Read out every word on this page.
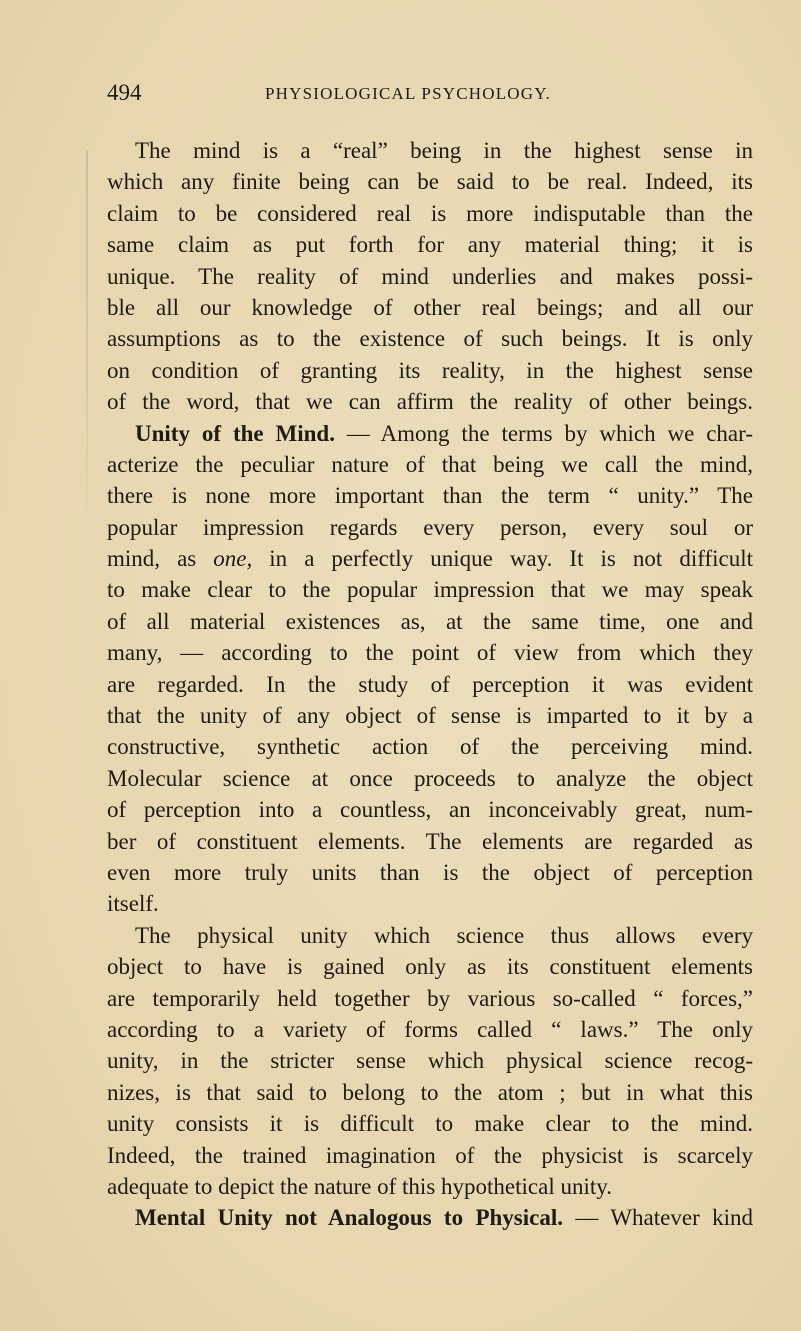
494	PHYSIOLOGICAL PSYCHOLOGY.
The mind is a “real” being in the highest sense in
which any finite being can be said to be real. Indeed, its
claim to be considered real is more indisputable than the
same claim as put forth for any material thing; it is
unique. The reality of mind underlies and makes possi-
ble all our knowledge of other real beings; and all our
assumptions as to the existence of such beings. It is only
on condition of granting its reality, in the highest sense
of the word, that we can affirm the reality of other beings.
Unity of the Mind. — Among the terms by which we char-
acterize the peculiar nature of that being we call the mind,
there is none more important than the term “ unity.” The
popular impression regards every person, every soul or
mind, as one, in a perfectly unique way. It is not difficult
to make clear to the popular impression that we may speak
of all material existences as, at the same time, one and
many, — according to the point of view from which they
are regarded. In the study of perception it was evident
that the unity of any object of sense is imparted to it by a
constructive, synthetic action of the perceiving mind.
Molecular science at once proceeds to analyze the object
of perception into a countless, an inconceivably great, num-
ber of constituent elements. The elements are regarded as
even more truly units than is the object of perception
itself.
The physical unity which science thus allows every
object to have is gained only as its constituent elements
are temporarily held together by various so-called “ forces,”
according to a variety of forms called “ laws.” The only
unity, in the stricter sense which physical science recog-
nizes, is that said to belong to the atom ; but in what this
unity consists it is difficult to make clear to the mind.
Indeed, the trained imagination of the physicist is scarcely
adequate to depict the nature of this hypothetical unity.
Mental Unity not Analogous to Physical. — Whatever kind
